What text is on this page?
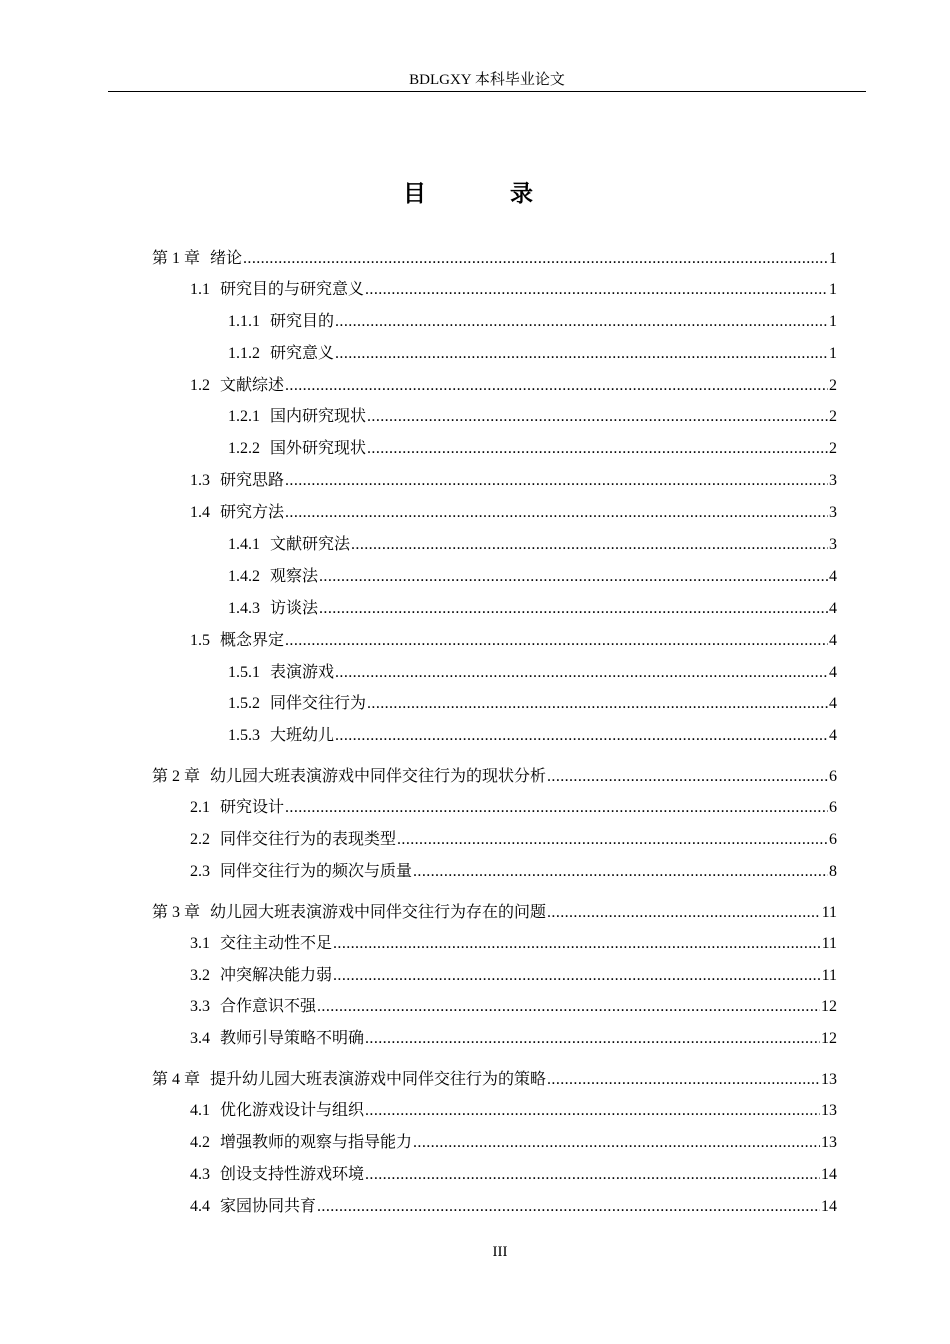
BDLGXY 本科毕业论文
目 录
第 1 章 绪论 .....	1
1.1 研究目的与研究意义 .....	1
1.1.1 研究目的 .....	1
1.1.2 研究意义 .....	1
1.2 文献综述 .....	2
1.2.1 国内研究现状 .....	2
1.2.2 国外研究现状 .....	2
1.3 研究思路 .....	3
1.4 研究方法 .....	3
1.4.1 文献研究法 .....	3
1.4.2 观察法 .....	4
1.4.3 访谈法 .....	4
1.5 概念界定 .....	4
1.5.1 表演游戏 .....	4
1.5.2 同伴交往行为 .....	4
1.5.3 大班幼儿 .....	4
第 2 章 幼儿园大班表演游戏中同伴交往行为的现状分析 .....	6
2.1 研究设计 .....	6
2.2 同伴交往行为的表现类型 .....	6
2.3 同伴交往行为的频次与质量 .....	8
第 3 章 幼儿园大班表演游戏中同伴交往行为存在的问题 .....	11
3.1 交往主动性不足 .....	11
3.2 冲突解决能力弱 .....	11
3.3 合作意识不强 .....	12
3.4 教师引导策略不明确 .....	12
第 4 章 提升幼儿园大班表演游戏中同伴交往行为的策略 .....	13
4.1 优化游戏设计与组织 .....	13
4.2 增强教师的观察与指导能力 .....	13
4.3 创设支持性游戏环境 .....	14
4.4 家园协同共育 .....	14
III
